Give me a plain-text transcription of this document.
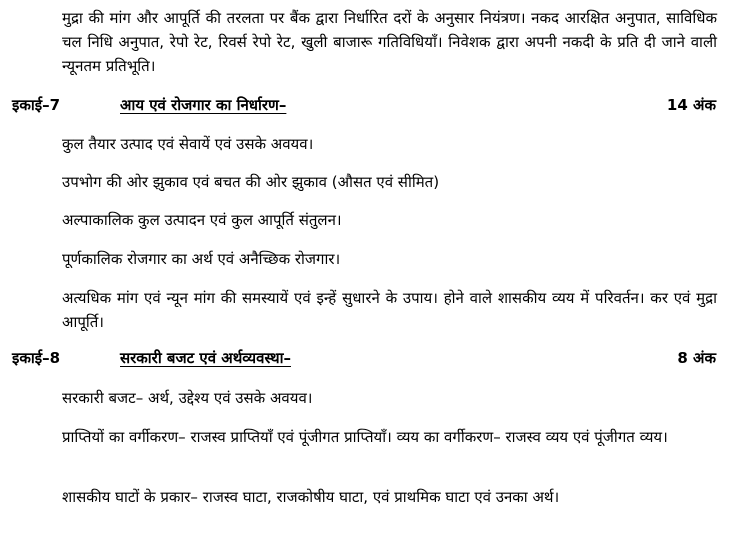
मुद्रा की मांग और आपूर्ति की तरलता पर बैंक द्वारा निर्धारित दरों के अनुसार नियंत्रण। नकद आरक्षित अनुपात, साविधिक चल निधि अनुपात, रेपो रेट, रिवर्स रेपो रेट, खुली बाजारू गतिविधियाँ। निवेशक द्वारा अपनी नकदी के प्रति दी जाने वाली न्यूनतम प्रतिभूति।

इकाई–7	आय एवं रोजगार का निर्धारण–	14 अंक

कुल तैयार उत्पाद एवं सेवायें एवं उसके अवयव।

उपभोग की ओर झुकाव एवं बचत की ओर झुकाव (औसत एवं सीमित)

अल्पाकालिक कुल उत्पादन एवं कुल आपूर्ति संतुलन।

पूर्णकालिक रोजगार का अर्थ एवं अनैच्छिक रोजगार।

अत्यधिक मांग एवं न्यून मांग की समस्यायें एवं इन्हें सुधारने के उपाय। होने वाले शासकीय व्यय में परिवर्तन। कर एवं मुद्रा आपूर्ति।

इकाई–8	सरकारी बजट एवं अर्थव्यवस्था–	8 अंक

सरकारी बजट– अर्थ, उद्देश्य एवं उसके अवयव।

प्राप्तियों का वर्गीकरण– राजस्व प्राप्तियाँ एवं पूंजीगत प्राप्तियाँ। व्यय का वर्गीकरण– राजस्व व्यय एवं पूंजीगत व्यय।

शासकीय घाटों के प्रकार– राजस्व घाटा, राजकोषीय घाटा, एवं प्राथमिक घाटा एवं उनका अर्थ।
